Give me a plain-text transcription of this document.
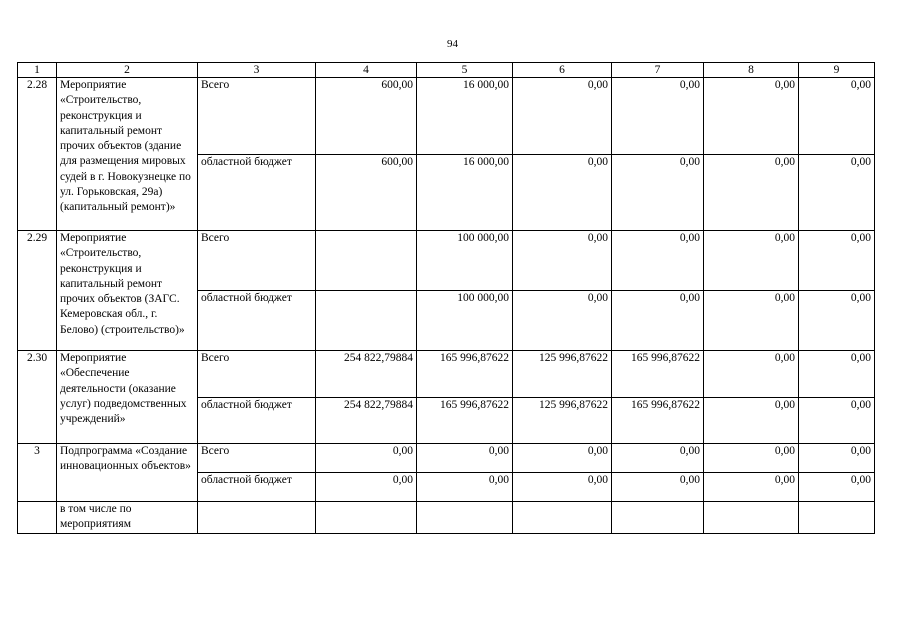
94
1	2	3	4	5	6	7	8	9
2.28	Мероприятие «Строительство, реконструкция и капитальный ремонт прочих объектов (здание для размещения мировых судей в г. Новокузнецке по ул. Горьковская, 29а) (капитальный ремонт)»	Всего	600,00	16 000,00	0,00	0,00	0,00	0,00
		областной бюджет	600,00	16 000,00	0,00	0,00	0,00	0,00
2.29	Мероприятие «Строительство, реконструкция и капитальный ремонт прочих объектов (ЗАГС. Кемеровская обл., г. Белово) (строительство)»	Всего		100 000,00	0,00	0,00	0,00	0,00
		областной бюджет		100 000,00	0,00	0,00	0,00	0,00
2.30	Мероприятие «Обеспечение деятельности (оказание услуг) подведомственных учреждений»	Всего	254 822,79884	165 996,87622	125 996,87622	165 996,87622	0,00	0,00
		областной бюджет	254 822,79884	165 996,87622	125 996,87622	165 996,87622	0,00	0,00
3	Подпрограмма «Создание инновационных объектов»	Всего	0,00	0,00	0,00	0,00	0,00	0,00
		областной бюджет	0,00	0,00	0,00	0,00	0,00	0,00
	в том числе по мероприятиям							
